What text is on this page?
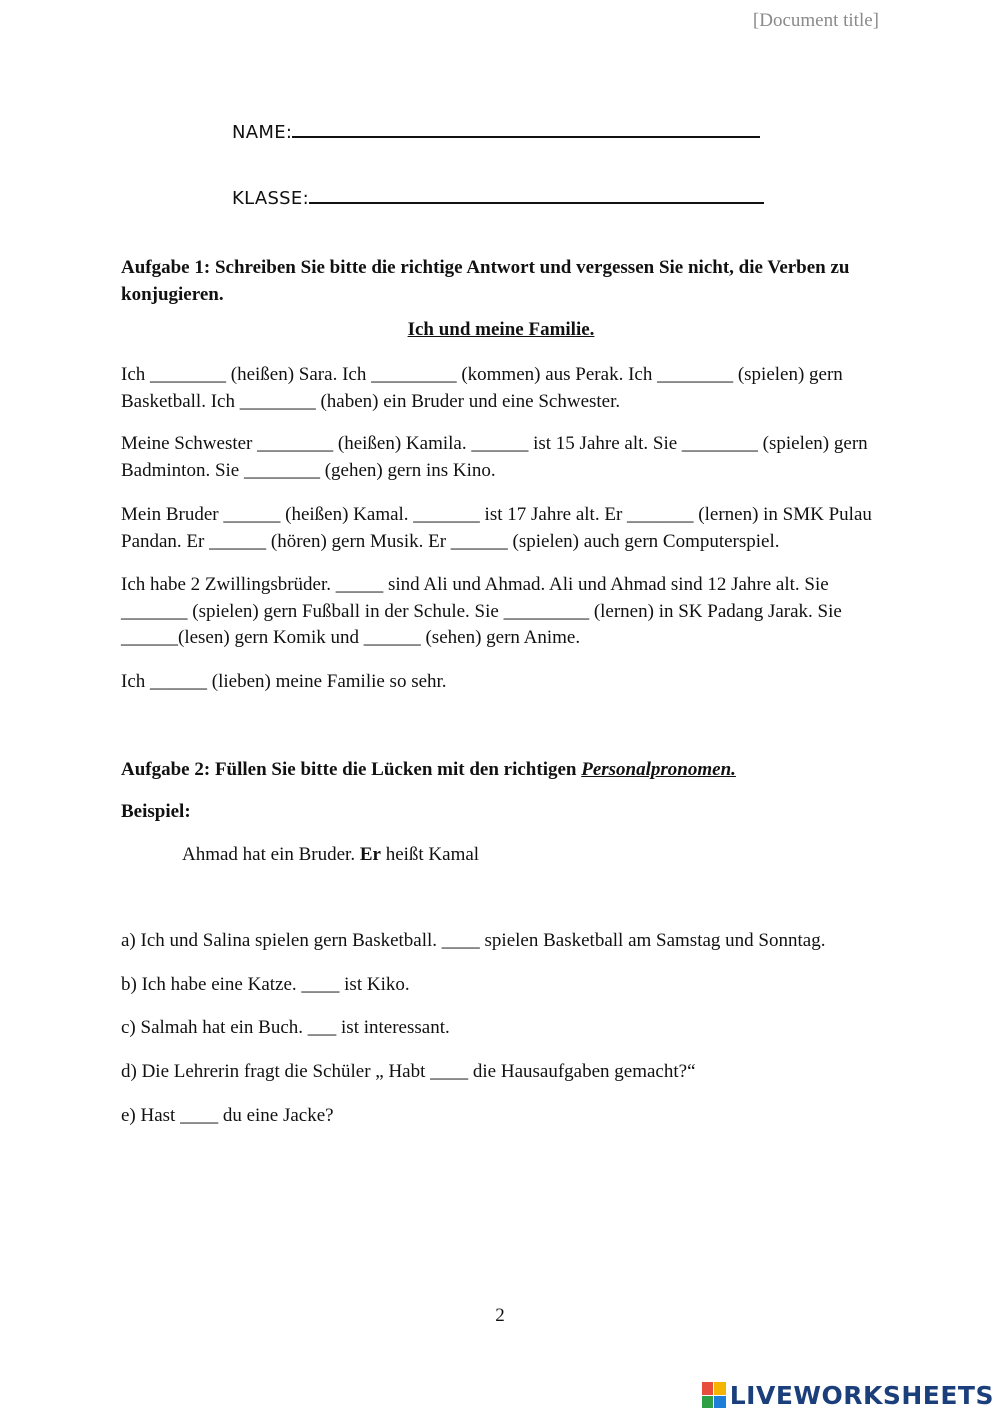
[Document title]
NAME:
KLASSE:
Aufgabe 1: Schreiben Sie bitte die richtige Antwort und vergessen Sie nicht, die Verben zu konjugieren.
Ich und meine Familie.
Ich ________ (heißen) Sara. Ich _________ (kommen) aus Perak. Ich ________ (spielen) gern Basketball. Ich ________ (haben) ein Bruder und eine Schwester.
Meine Schwester ________ (heißen) Kamila. ______ ist 15 Jahre alt. Sie ________ (spielen) gern Badminton. Sie ________ (gehen) gern ins Kino.
Mein Bruder ______ (heißen) Kamal. _______ ist 17 Jahre alt. Er _______ (lernen) in SMK Pulau Pandan. Er ______ (hören) gern Musik. Er ______ (spielen) auch gern Computerspiel.
Ich habe 2 Zwillingsbrüder. _____ sind Ali und Ahmad. Ali und Ahmad sind 12 Jahre alt. Sie _______ (spielen) gern Fußball in der Schule. Sie _________ (lernen) in SK Padang Jarak. Sie ______(lesen) gern Komik und ______ (sehen) gern Anime.
Ich ______ (lieben) meine Familie so sehr.
Aufgabe 2: Füllen Sie bitte die Lücken mit den richtigen Personalpronomen.
Beispiel:
Ahmad hat ein Bruder. Er heißt Kamal
a) Ich und Salina spielen gern Basketball. ____ spielen Basketball am Samstag und Sonntag.
b) Ich habe eine Katze. ____ ist Kiko.
c) Salmah hat ein Buch. ___ ist interessant.
d) Die Lehrerin fragt die Schüler „ Habt ____ die Hausaufgaben gemacht?“
e) Hast ____ du eine Jacke?
2
LIVEWORKSHEETS
